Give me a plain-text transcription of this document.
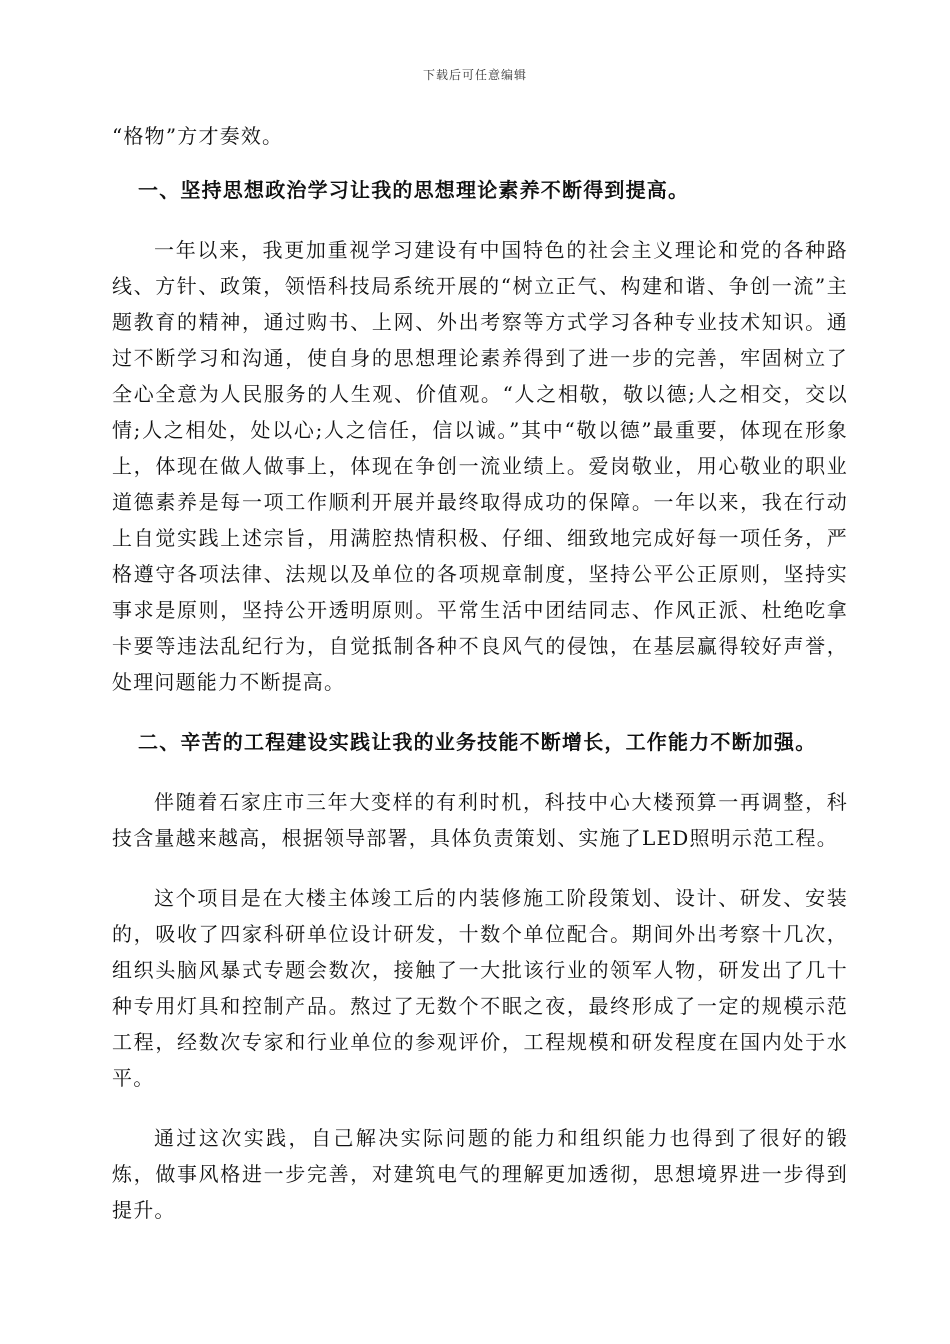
下载后可任意编辑

“格物”方才奏效。

一、坚持思想政治学习让我的思想理论素养不断得到提高。

一年以来，我更加重视学习建设有中国特色的社会主义理论和党的各种路线、方针、政策，领悟科技局系统开展的“树立正气、构建和谐、争创一流”主题教育的精神，通过购书、上网、外出考察等方式学习各种专业技术知识。通过不断学习和沟通，使自身的思想理论素养得到了进一步的完善，牢固树立了全心全意为人民服务的人生观、价值观。“人之相敬，敬以德;人之相交，交以情;人之相处，处以心;人之信任，信以诚。”其中“敬以德”最重要，体现在形象上，体现在做人做事上，体现在争创一流业绩上。爱岗敬业，用心敬业的职业道德素养是每一项工作顺利开展并最终取得成功的保障。一年以来，我在行动上自觉实践上述宗旨，用满腔热情积极、仔细、细致地完成好每一项任务，严格遵守各项法律、法规以及单位的各项规章制度，坚持公平公正原则，坚持实事求是原则，坚持公开透明原则。平常生活中团结同志、作风正派、杜绝吃拿卡要等违法乱纪行为，自觉抵制各种不良风气的侵蚀，在基层赢得较好声誉，处理问题能力不断提高。

二、辛苦的工程建设实践让我的业务技能不断增长，工作能力不断加强。

伴随着石家庄市三年大变样的有利时机，科技中心大楼预算一再调整，科技含量越来越高，根据领导部署，具体负责策划、实施了LED照明示范工程。

这个项目是在大楼主体竣工后的内装修施工阶段策划、设计、研发、安装的，吸收了四家科研单位设计研发，十数个单位配合。期间外出考察十几次，组织头脑风暴式专题会数次，接触了一大批该行业的领军人物，研发出了几十种专用灯具和控制产品。熬过了无数个不眠之夜，最终形成了一定的规模示范工程，经数次专家和行业单位的参观评价，工程规模和研发程度在国内处于水平。

通过这次实践，自己解决实际问题的能力和组织能力也得到了很好的锻炼，做事风格进一步完善，对建筑电气的理解更加透彻，思想境界进一步得到提升。
